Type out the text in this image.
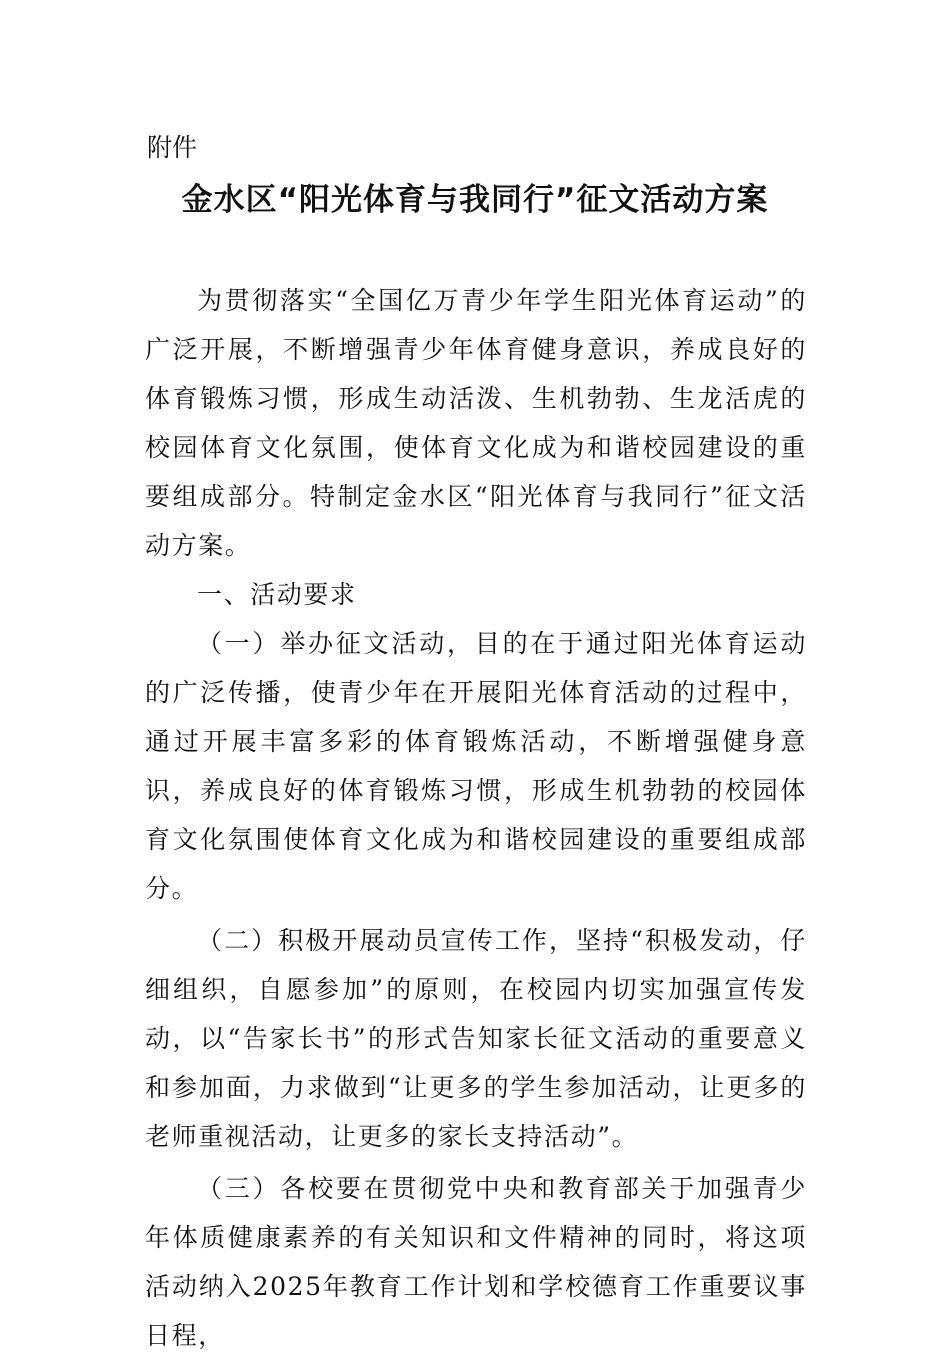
附件

金水区“阳光体育与我同行”征文活动方案

为贯彻落实“全国亿万青少年学生阳光体育运动”的广泛开展，不断增强青少年体育健身意识，养成良好的体育锻炼习惯，形成生动活泼、生机勃勃、生龙活虎的校园体育文化氛围，使体育文化成为和谐校园建设的重要组成部分。特制定金水区“阳光体育与我同行”征文活动方案。

一、活动要求

（一）举办征文活动，目的在于通过阳光体育运动的广泛传播，使青少年在开展阳光体育活动的过程中，通过开展丰富多彩的体育锻炼活动，不断增强健身意识，养成良好的体育锻炼习惯，形成生机勃勃的校园体育文化氛围使体育文化成为和谐校园建设的重要组成部分。

（二）积极开展动员宣传工作，坚持“积极发动，仔细组织，自愿参加”的原则，在校园内切实加强宣传发动，以“告家长书”的形式告知家长征文活动的重要意义和参加面，力求做到“让更多的学生参加活动，让更多的老师重视活动，让更多的家长支持活动”。

（三）各校要在贯彻党中央和教育部关于加强青少年体质健康素养的有关知识和文件精神的同时，将这项活动纳入2025年教育工作计划和学校德育工作重要议事日程，
